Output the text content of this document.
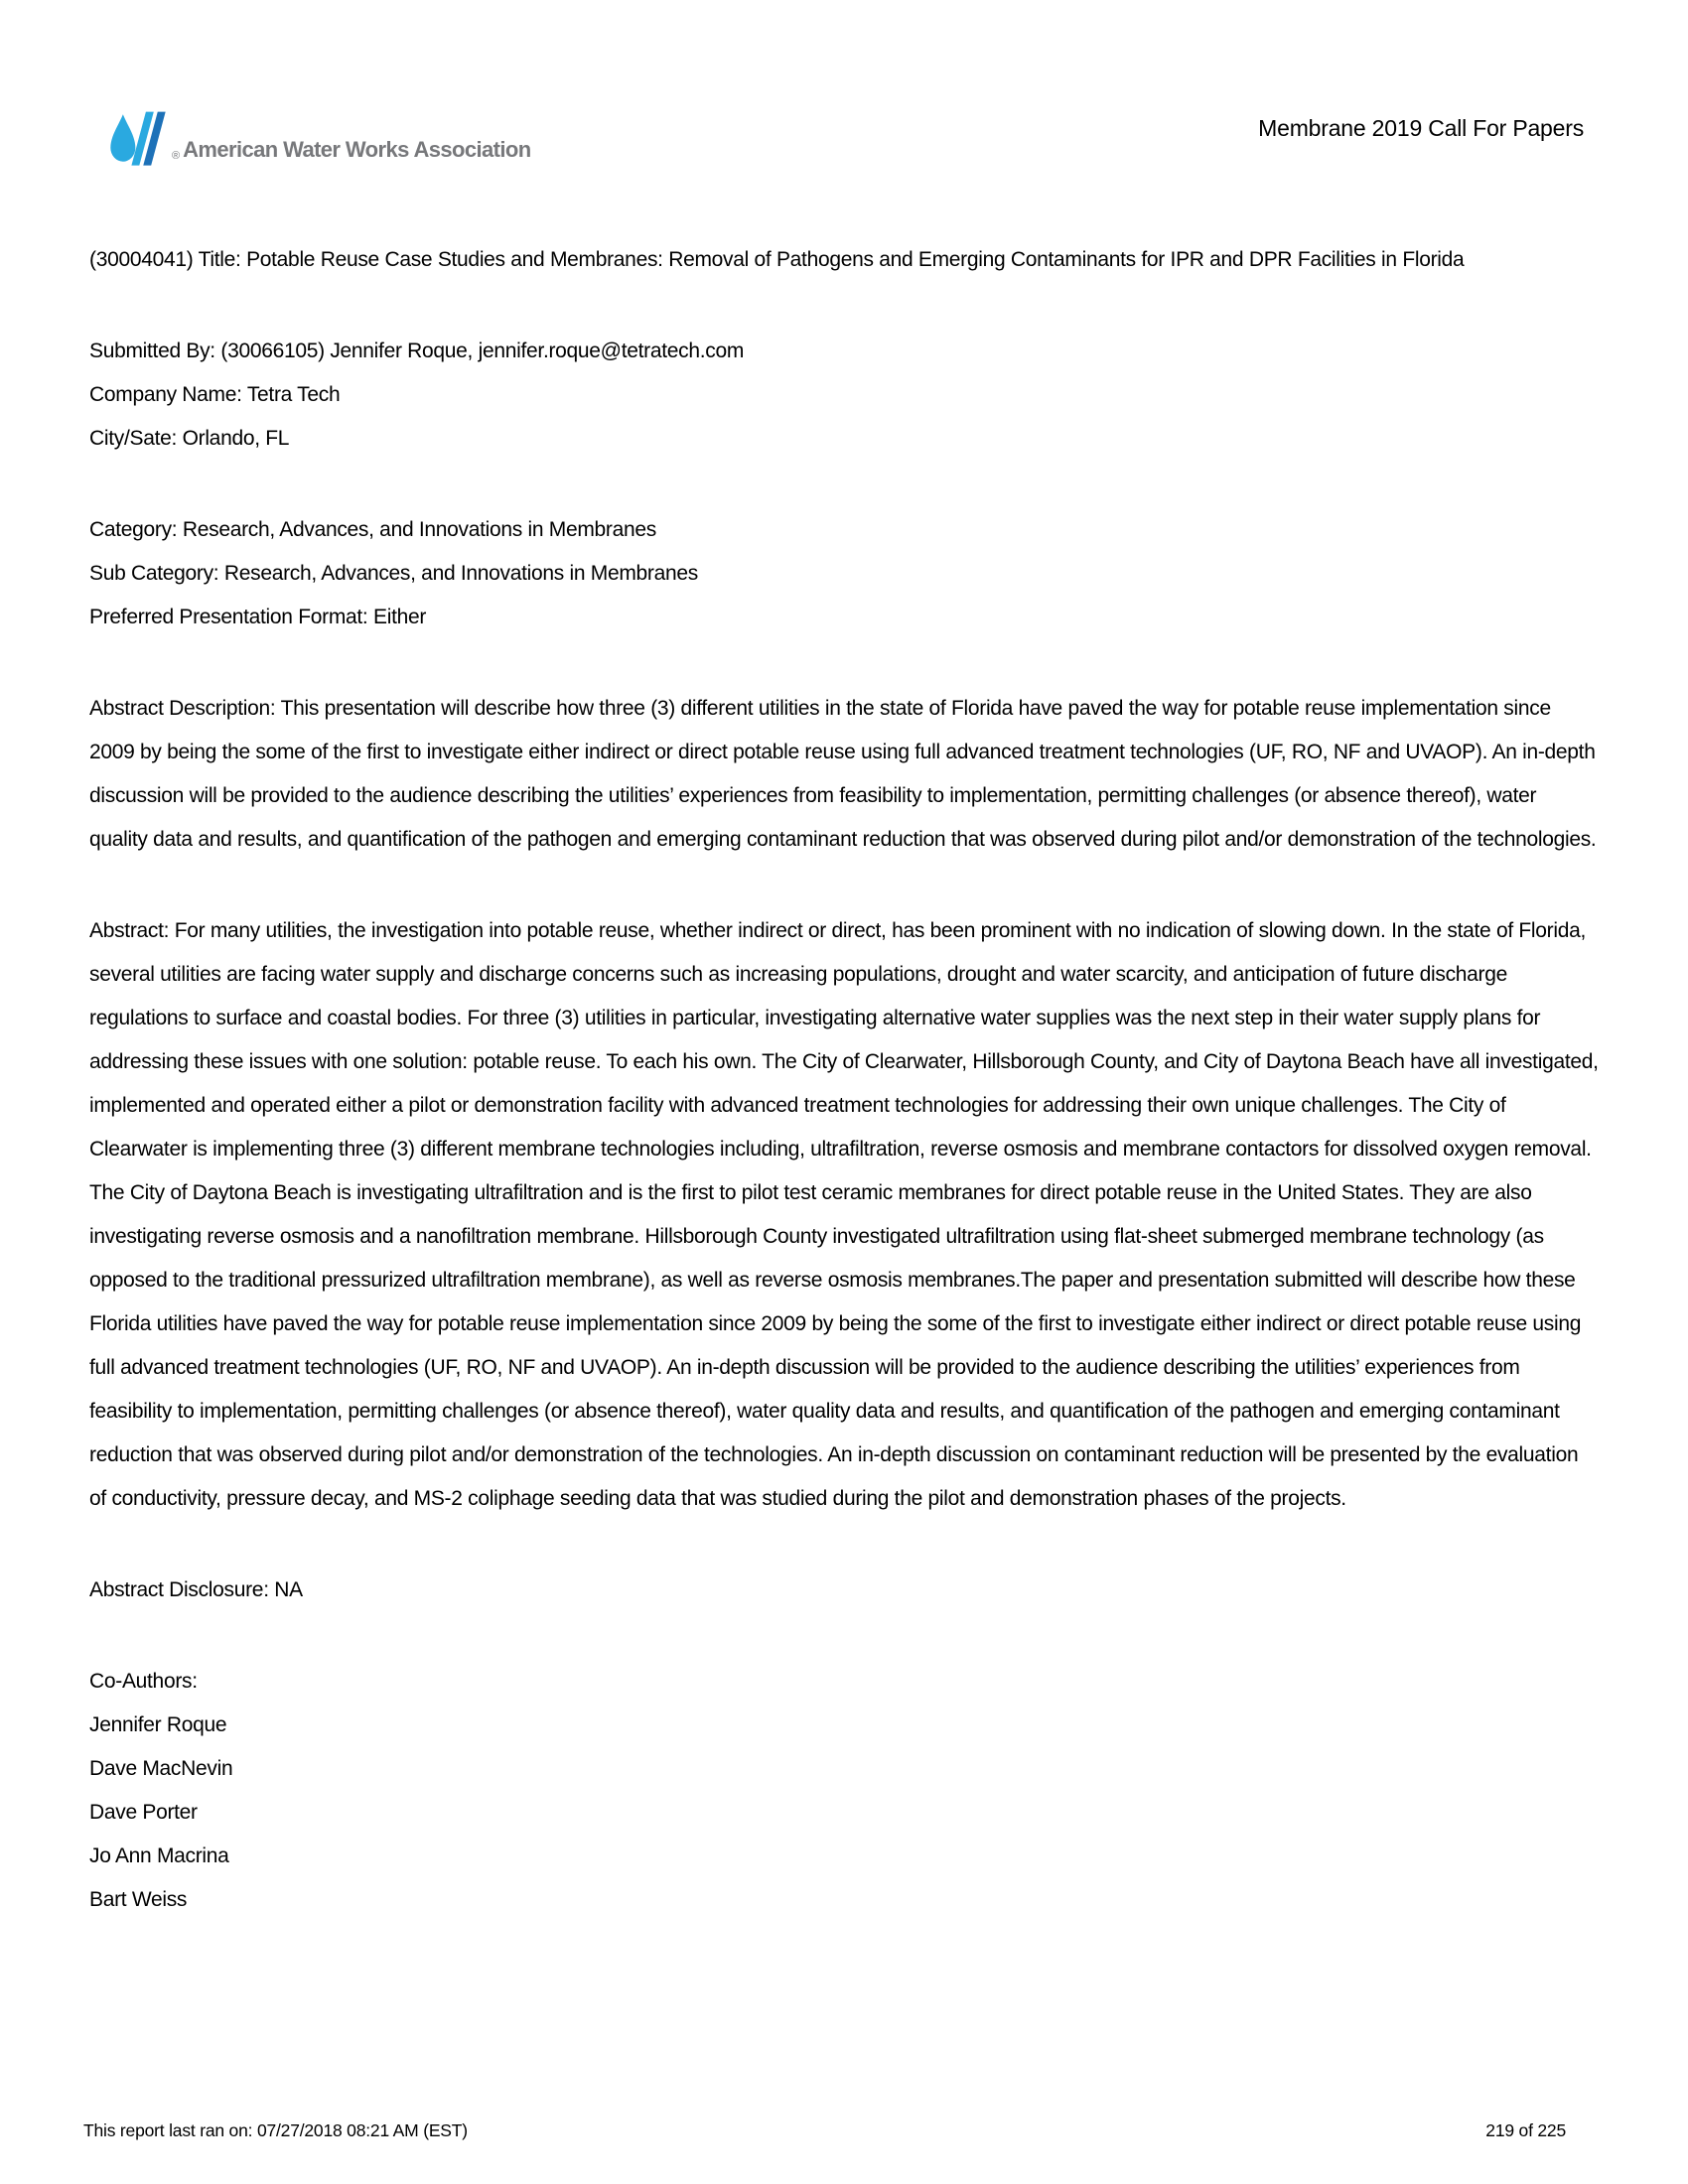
® American Water Works Association
Membrane 2019 Call For Papers

(30004041) Title: Potable Reuse Case Studies and Membranes: Removal of Pathogens and Emerging Contaminants for IPR and DPR Facilities in Florida

Submitted By: (30066105) Jennifer Roque, jennifer.roque@tetratech.com
Company Name: Tetra Tech
City/Sate: Orlando, FL
Category: Research, Advances, and Innovations in Membranes
Sub Category: Research, Advances, and Innovations in Membranes
Preferred Presentation Format: Either

Abstract Description: This presentation will describe how three (3) different utilities in the state of Florida have paved the way for potable reuse implementation since 2009 by being the some of the first to investigate either indirect or direct potable reuse using full advanced treatment technologies (UF, RO, NF and UVAOP). An in-depth discussion will be provided to the audience describing the utilities’ experiences from feasibility to implementation, permitting challenges (or absence thereof), water quality data and results, and quantification of the pathogen and emerging contaminant reduction that was observed during pilot and/or demonstration of the technologies.

Abstract: For many utilities, the investigation into potable reuse, whether indirect or direct, has been prominent with no indication of slowing down. In the state of Florida, several utilities are facing water supply and discharge concerns such as increasing populations, drought and water scarcity, and anticipation of future discharge regulations to surface and coastal bodies. For three (3) utilities in particular, investigating alternative water supplies was the next step in their water supply plans for addressing these issues with one solution: potable reuse. To each his own. The City of Clearwater, Hillsborough County, and City of Daytona Beach have all investigated, implemented and operated either a pilot or demonstration facility with advanced treatment technologies for addressing their own unique challenges. The City of Clearwater is implementing three (3) different membrane technologies including, ultrafiltration, reverse osmosis and membrane contactors for dissolved oxygen removal. The City of Daytona Beach is investigating ultrafiltration and is the first to pilot test ceramic membranes for direct potable reuse in the United States. They are also investigating reverse osmosis and a nanofiltration membrane. Hillsborough County investigated ultrafiltration using flat-sheet submerged membrane technology (as opposed to the traditional pressurized ultrafiltration membrane), as well as reverse osmosis membranes.The paper and presentation submitted will describe how these Florida utilities have paved the way for potable reuse implementation since 2009 by being the some of the first to investigate either indirect or direct potable reuse using full advanced treatment technologies (UF, RO, NF and UVAOP). An in-depth discussion will be provided to the audience describing the utilities’ experiences from feasibility to implementation, permitting challenges (or absence thereof), water quality data and results, and quantification of the pathogen and emerging contaminant reduction that was observed during pilot and/or demonstration of the technologies. An in-depth discussion on contaminant reduction will be presented by the evaluation of conductivity, pressure decay, and MS-2 coliphage seeding data that was studied during the pilot and demonstration phases of the projects.

Abstract Disclosure: NA

Co-Authors:
Jennifer Roque
Dave MacNevin
Dave Porter
Jo Ann Macrina
Bart Weiss
This report last ran on: 07/27/2018 08:21 AM (EST)	219 of 225
